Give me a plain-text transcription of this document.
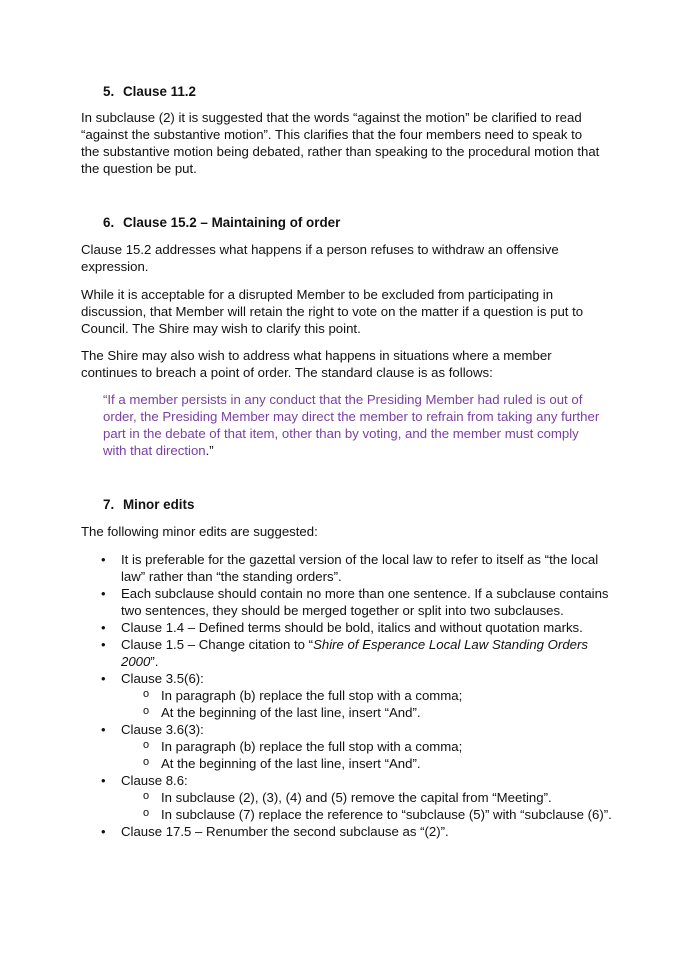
5. Clause 11.2

In subclause (2) it is suggested that the words “against the motion” be clarified to read “against the substantive motion”. This clarifies that the four members need to speak to the substantive motion being debated, rather than speaking to the procedural motion that the question be put.

6. Clause 15.2 – Maintaining of order

Clause 15.2 addresses what happens if a person refuses to withdraw an offensive expression.

While it is acceptable for a disrupted Member to be excluded from participating in discussion, that Member will retain the right to vote on the matter if a question is put to Council. The Shire may wish to clarify this point.

The Shire may also wish to address what happens in situations where a member continues to breach a point of order. The standard clause is as follows:

“If a member persists in any conduct that the Presiding Member had ruled is out of order, the Presiding Member may direct the member to refrain from taking any further part in the debate of that item, other than by voting, and the member must comply with that direction.”

7. Minor edits

The following minor edits are suggested:

• It is preferable for the gazettal version of the local law to refer to itself as “the local law” rather than “the standing orders”.
• Each subclause should contain no more than one sentence. If a subclause contains two sentences, they should be merged together or split into two subclauses.
• Clause 1.4 – Defined terms should be bold, italics and without quotation marks.
• Clause 1.5 – Change citation to “Shire of Esperance Local Law Standing Orders 2000”.
• Clause 3.5(6):
o In paragraph (b) replace the full stop with a comma;
o At the beginning of the last line, insert “And”.
• Clause 3.6(3):
o In paragraph (b) replace the full stop with a comma;
o At the beginning of the last line, insert “And”.
• Clause 8.6:
o In subclause (2), (3), (4) and (5) remove the capital from “Meeting”.
o In subclause (7) replace the reference to “subclause (5)” with “subclause (6)”.
• Clause 17.5 – Renumber the second subclause as “(2)”.
